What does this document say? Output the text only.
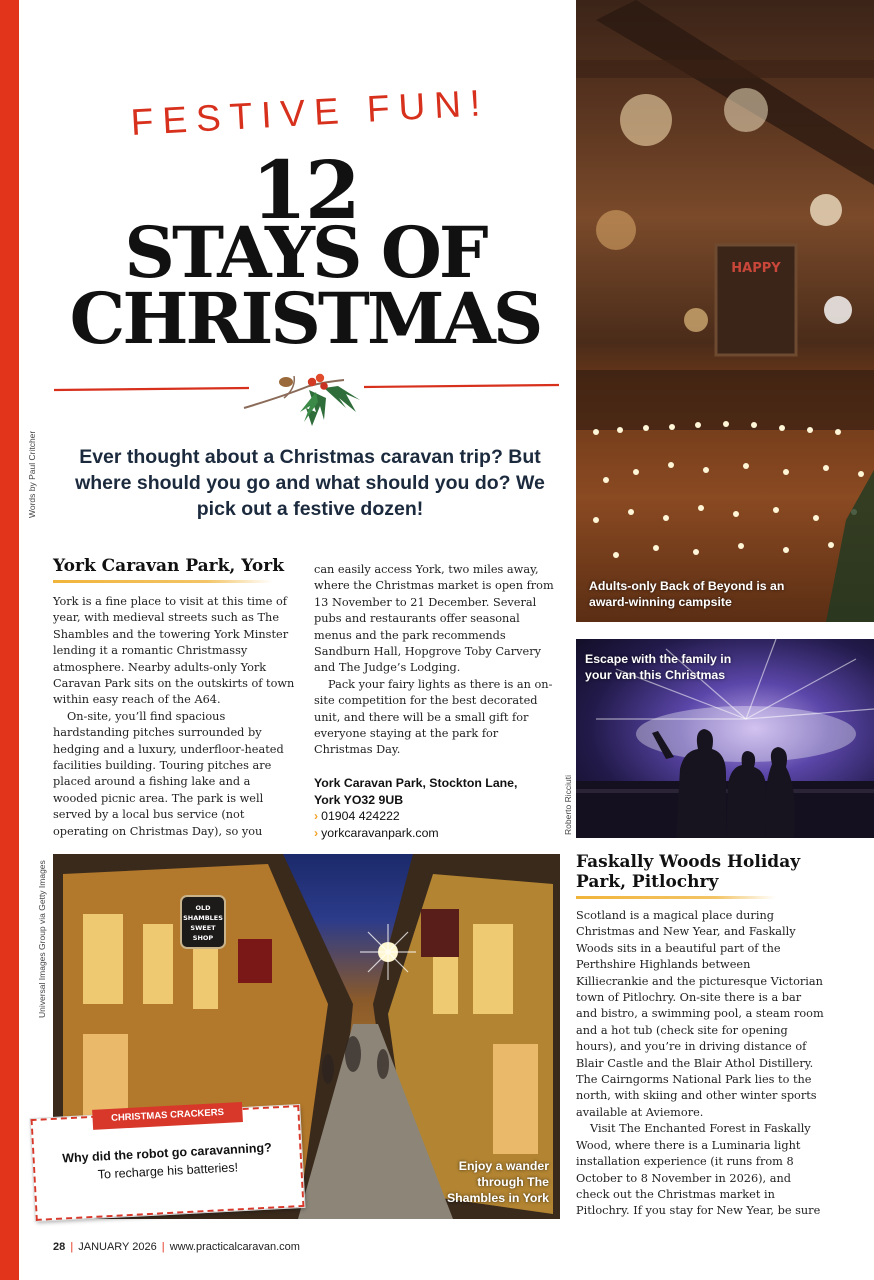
FESTIVE FUN!
12
STAYS OF
CHRISTMAS
Words by Paul Critcher	Ever thought about a Christmas caravan trip? But where should you go and what should you do? We pick out a festive dozen!
York Caravan Park, York

York is a fine place to visit at this time of year, with medieval streets such as The Shambles and the towering York Minster lending it a romantic Christmassy atmosphere. Nearby adults-only York Caravan Park sits on the outskirts of town within easy reach of the A64.

On-site, you’ll find spacious hardstanding pitches surrounded by hedging and a luxury, underfloor-heated facilities building. Touring pitches are placed around a fishing lake and a wooded picnic area. The park is well served by a local bus service (not operating on Christmas Day), so you

can easily access York, two miles away, where the Christmas market is open from 13 November to 21 December. Several pubs and restaurants offer seasonal menus and the park recommends Sandburn Hall, Hopgrove Toby Carvery and The Judge’s Lodging.

Pack your fairy lights as there is an on-site competition for the best decorated unit, and there will be a small gift for everyone staying at the park for Christmas Day.

York Caravan Park, Stockton Lane,
York YO32 9UB
› 01904 424222
› yorkcaravanpark.com
HAPPY
Adults-only Back of Beyond is an award-winning campsite
Escape with the family in your van this Christmas
Roberto Ricciuti
Faskally Woods Holiday
Park, Pitlochry

Scotland is a magical place during Christmas and New Year, and Faskally Woods sits in a beautiful part of the Perthshire Highlands between Killiecrankie and the picturesque Victorian town of Pitlochry. On-site there is a bar and bistro, a swimming pool, a steam room and a hot tub (check site for opening hours), and you’re in driving distance of Blair Castle and the Blair Athol Distillery. The Cairngorms National Park lies to the north, with skiing and other winter sports available at Aviemore.

Visit The Enchanted Forest in Faskally Wood, where there is a Luminaria light installation experience (it runs from 8 October to 8 November in 2026), and check out the Christmas market in Pitlochry. If you stay for New Year, be sure

OLD
SHAMBLES
SWEET
SHOP
Enjoy a wander through The Shambles in York
Universal Images Group via Getty Images
CHRISTMAS CRACKERS
Why did the robot go caravanning?
To recharge his batteries!
28 | JANUARY 2026 | www.practicalcaravan.com
